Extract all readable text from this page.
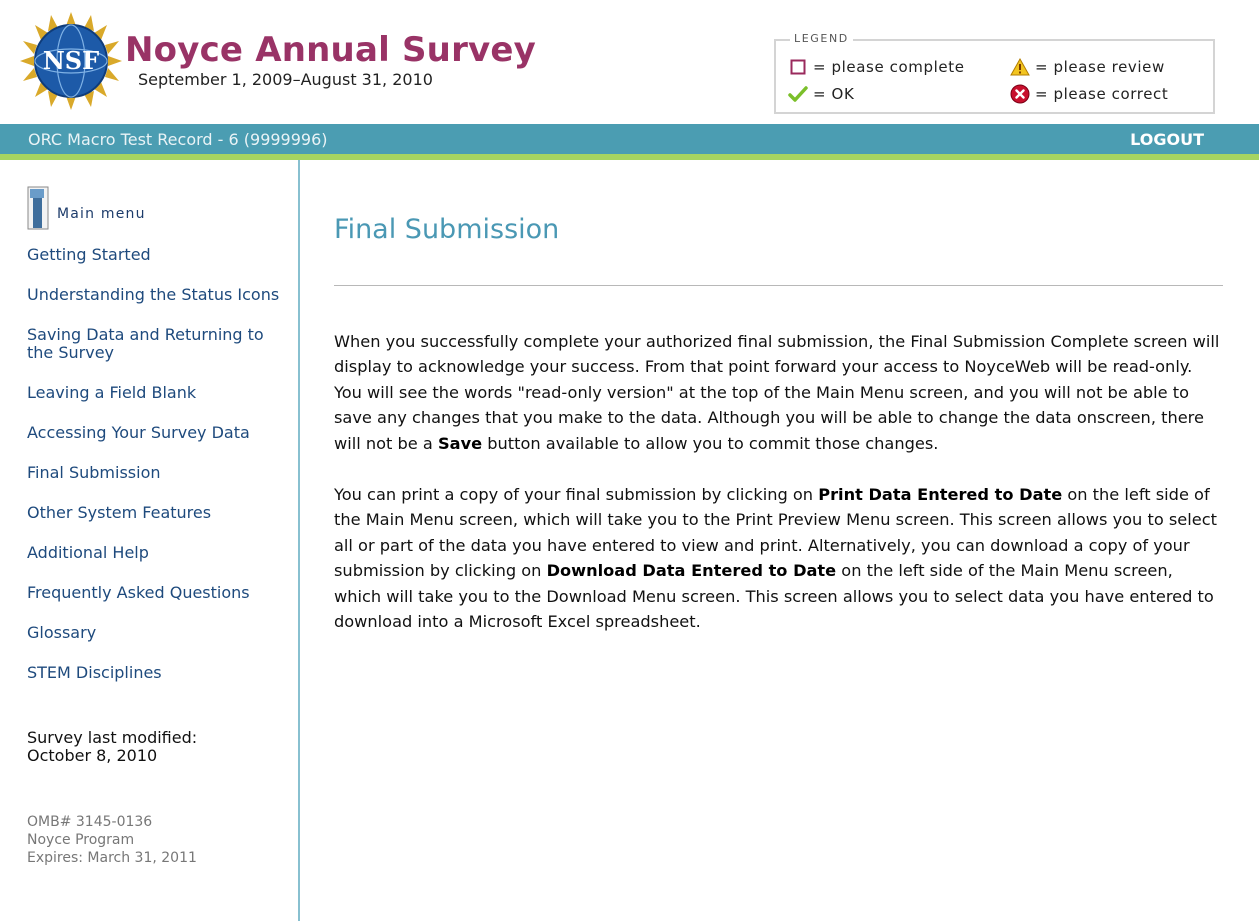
NSF Noyce Annual Survey
September 1, 2009–August 31, 2010
LEGEND
= please complete	= please review
= OK	= please correct
ORC Macro Test Record - 6 (9999996)	LOGOUT
Main menu
Getting Started
Understanding the Status Icons
Saving Data and Returning to the Survey
Leaving a Field Blank
Accessing Your Survey Data
Final Submission
Other System Features
Additional Help
Frequently Asked Questions
Glossary
STEM Disciplines
Survey last modified:
October 8, 2010
OMB# 3145-0136
Noyce Program
Expires: March 31, 2011
Final Submission

When you successfully complete your authorized final submission, the Final Submission Complete screen will display to acknowledge your success. From that point forward your access to NoyceWeb will be read-only. You will see the words "read-only version" at the top of the Main Menu screen, and you will not be able to save any changes that you make to the data. Although you will be able to change the data onscreen, there will not be a Save button available to allow you to commit those changes.

You can print a copy of your final submission by clicking on Print Data Entered to Date on the left side of the Main Menu screen, which will take you to the Print Preview Menu screen. This screen allows you to select all or part of the data you have entered to view and print. Alternatively, you can download a copy of your submission by clicking on Download Data Entered to Date on the left side of the Main Menu screen, which will take you to the Download Menu screen. This screen allows you to select data you have entered to download into a Microsoft Excel spreadsheet.
